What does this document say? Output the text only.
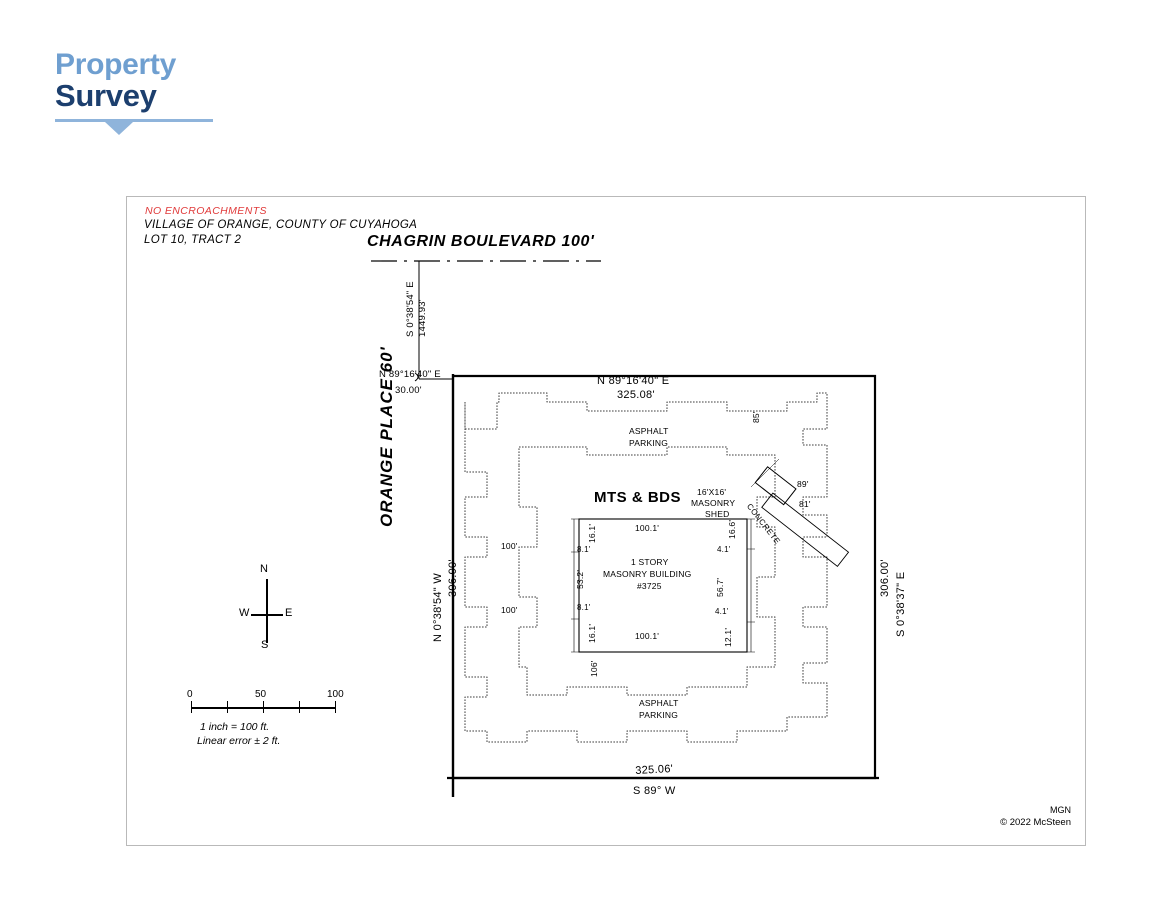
Property
Survey
NO ENCROACHMENTS
VILLAGE OF ORANGE, COUNTY OF CUYAHOGA
LOT 10, TRACT 2	CHAGRIN BOULEVARD 100'
ORANGE PLACE 60'	MTS & BDS
N 89°16'40" E
325.08'
N 89°16'40" E
30.00'
S 0°38'54" E 1449.93'
N 0°38'54" W 306.00'	S 0°38'37" E
306.00'
325.06'
S 89° W
ASPHALT
PARKING
ASPHALT
PARKING
16'X16'
MASONRY
SHED CONCRETE
1 STORY
MASONRY BUILDING
#3725
100.1'
100.1'
16.1'
53.2'
16.1'
16.6'
56.7'
12.1'
8.1'
8.1'
4.1'
4.1'
100'
100'
106'
85'
89'
81'
N
S
E
W
0	50	100
1 inch = 100 ft.
Linear error ± 2 ft.
MGN
© 2022 McSteen
